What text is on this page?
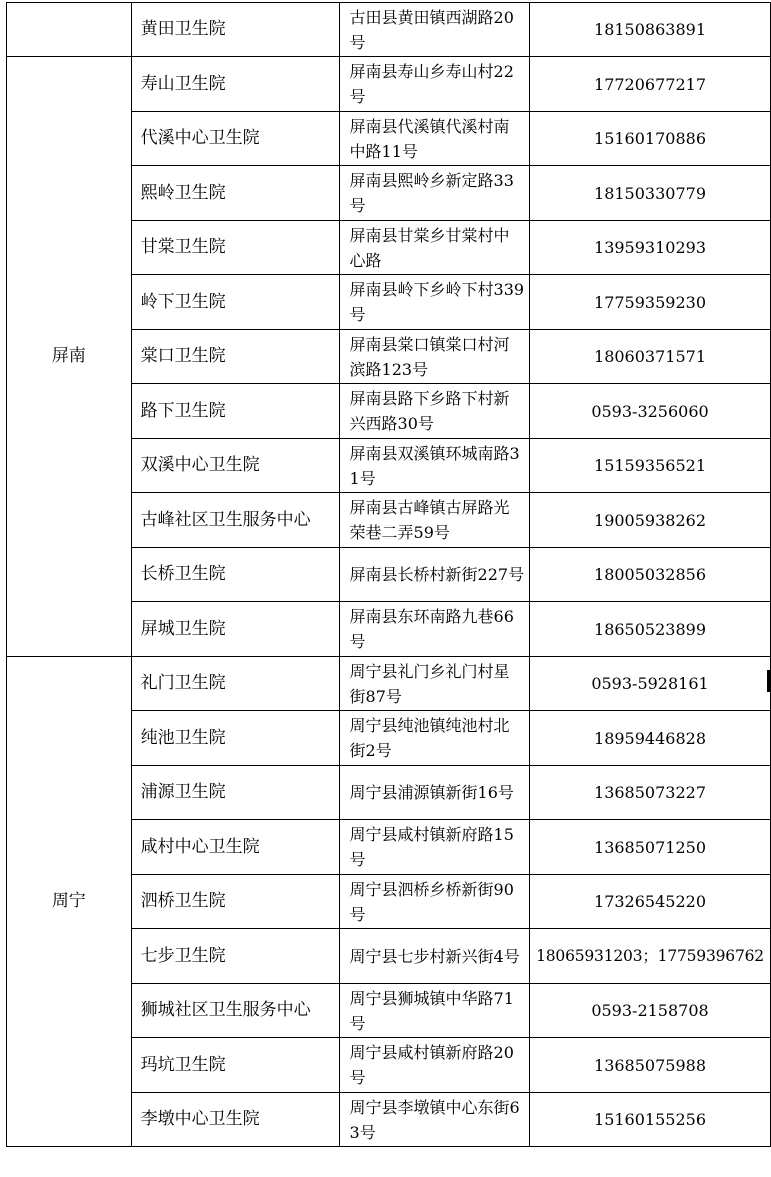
	黄田卫生院	古田县黄田镇西湖路20号	18150863891
屏南	寿山卫生院	屏南县寿山乡寿山村22号	17720677217
	代溪中心卫生院	屏南县代溪镇代溪村南中路11号	15160170886
	熙岭卫生院	屏南县熙岭乡新定路33号	18150330779
	甘棠卫生院	屏南县甘棠乡甘棠村中心路	13959310293
	岭下卫生院	屏南县岭下乡岭下村339号	17759359230
	棠口卫生院	屏南县棠口镇棠口村河滨路123号	18060371571
	路下卫生院	屏南县路下乡路下村新兴西路30号	0593-3256060
	双溪中心卫生院	屏南县双溪镇环城南路31号	15159356521
	古峰社区卫生服务中心	屏南县古峰镇古屏路光荣巷二弄59号	19005938262
	长桥卫生院	屏南县长桥村新街227号	18005032856
	屏城卫生院	屏南县东环南路九巷66号	18650523899
周宁	礼门卫生院	周宁县礼门乡礼门村星街87号	0593-5928161
	纯池卫生院	周宁县纯池镇纯池村北街2号	18959446828
	浦源卫生院	周宁县浦源镇新街16号	13685073227
	咸村中心卫生院	周宁县咸村镇新府路15号	13685071250
	泗桥卫生院	周宁县泗桥乡桥新街90号	17326545220
	七步卫生院	周宁县七步村新兴街4号	18065931203；17759396762
	狮城社区卫生服务中心	周宁县狮城镇中华路71号	0593-2158708
	玛坑卫生院	周宁县咸村镇新府路20号	13685075988
	李墩中心卫生院	周宁县李墩镇中心东街63号	15160155256
